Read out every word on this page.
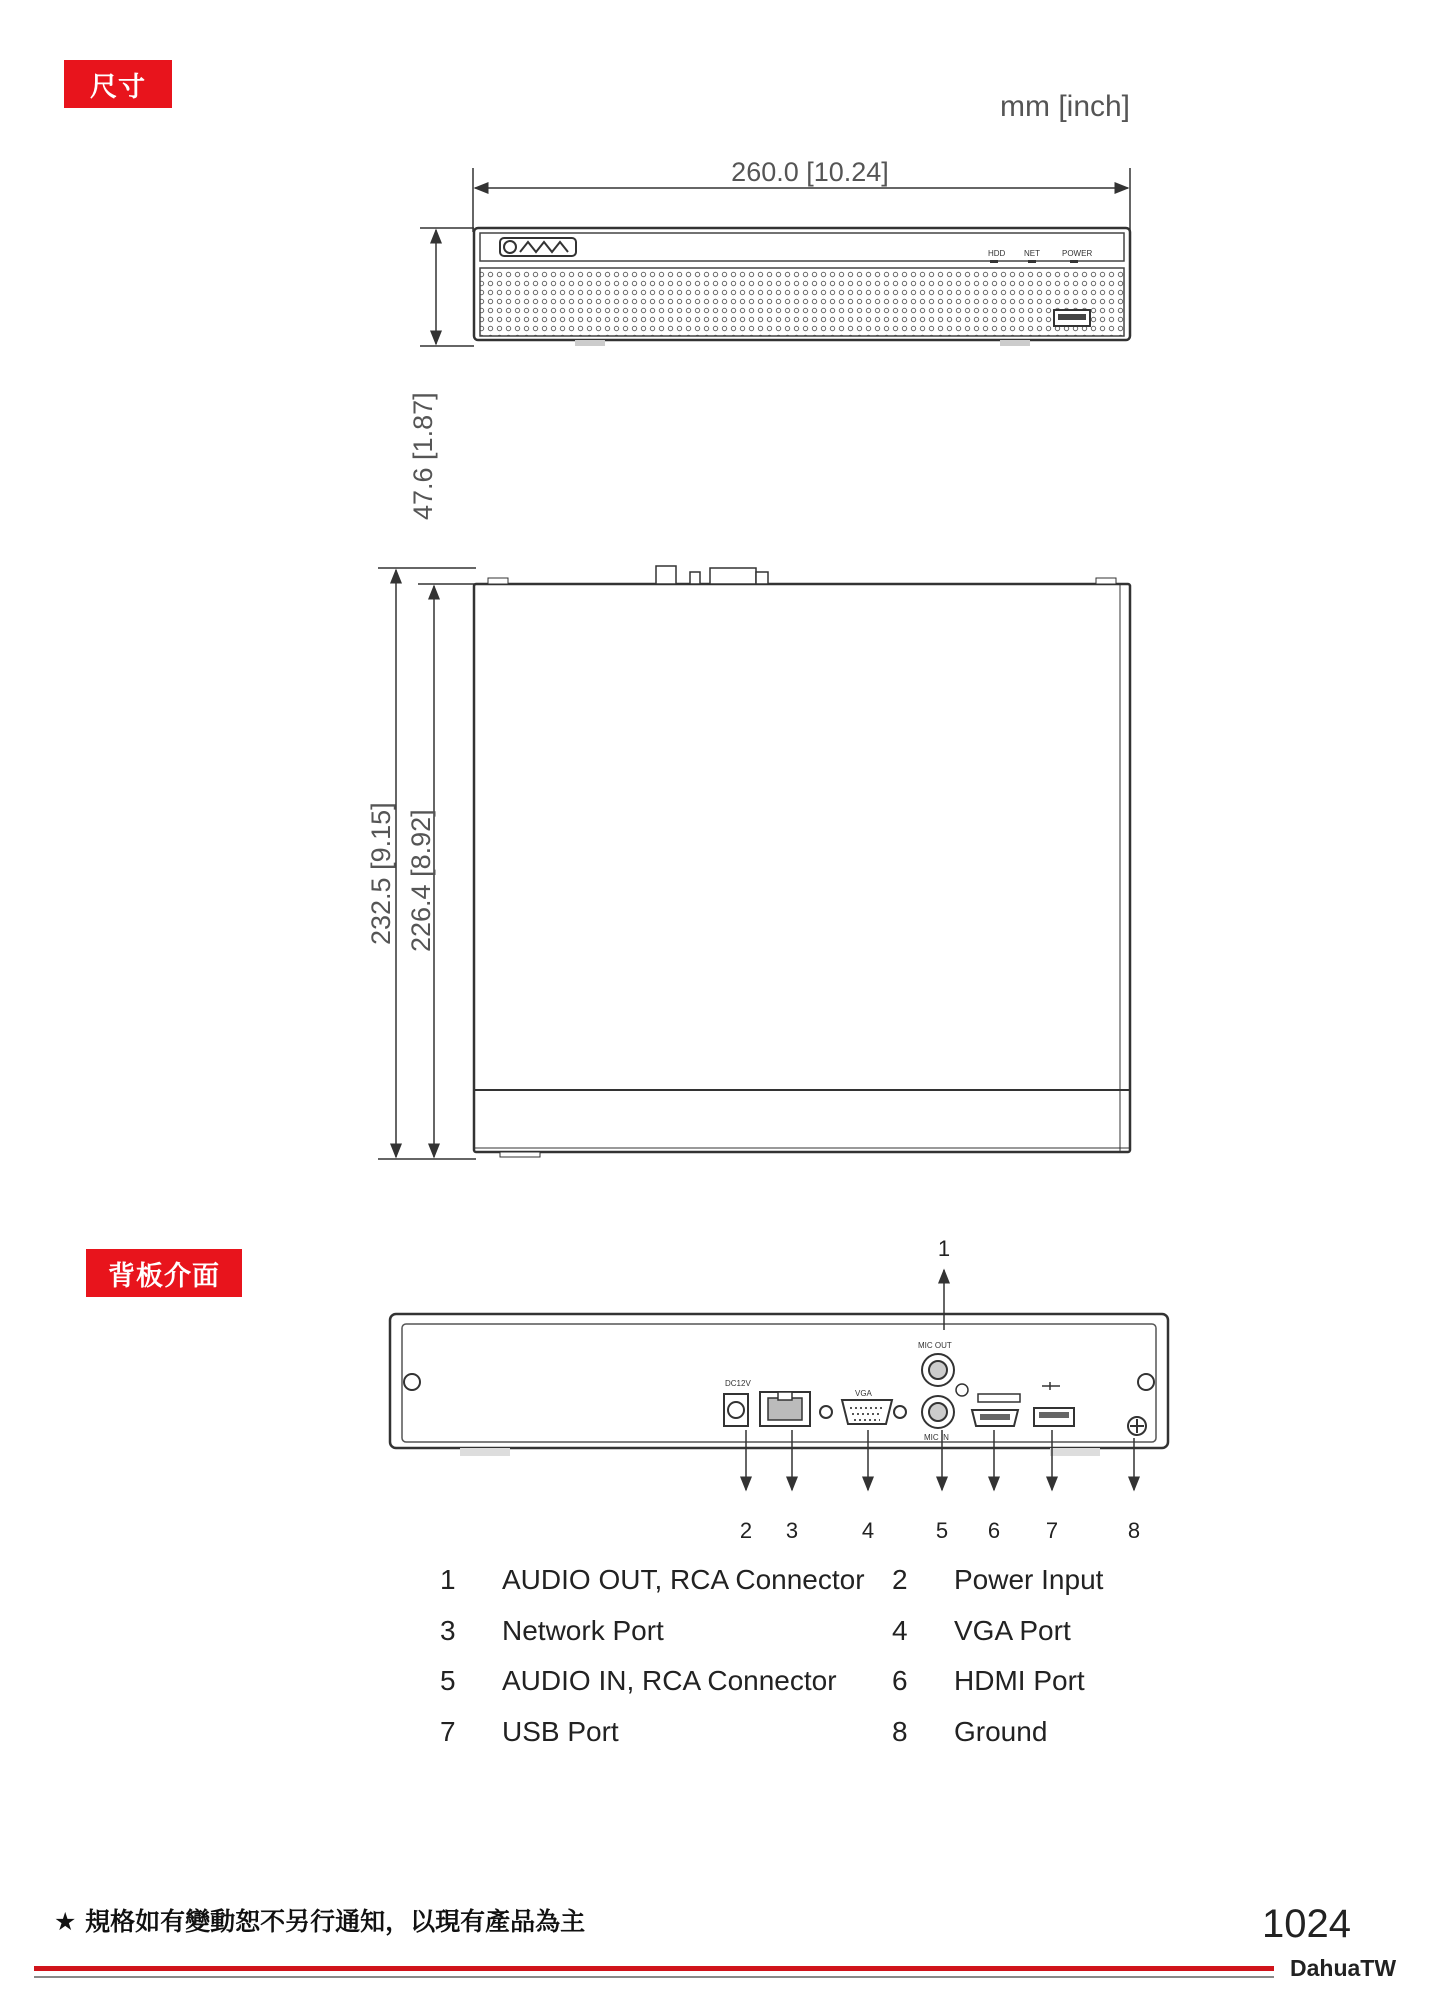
尺寸
mm [inch]
260.0 [10.24]
47.6 [1.87]
HDD NET	POWER
232.5 [9.15] 226.4 [8.92]
DC12V
VGA
MIC OUT
MIC IN
1
2 3	4	5 6 7	8
背板介面
1	AUDIO OUT, RCA Connector 2	Power Input
3	Network Port	4	VGA Port
5	AUDIO IN, RCA Connector 6	HDMI Port
7	USB Port	8	Ground
★ 規格如有變動恕不另行通知，以現有產品為主	1024
DahuaTW
